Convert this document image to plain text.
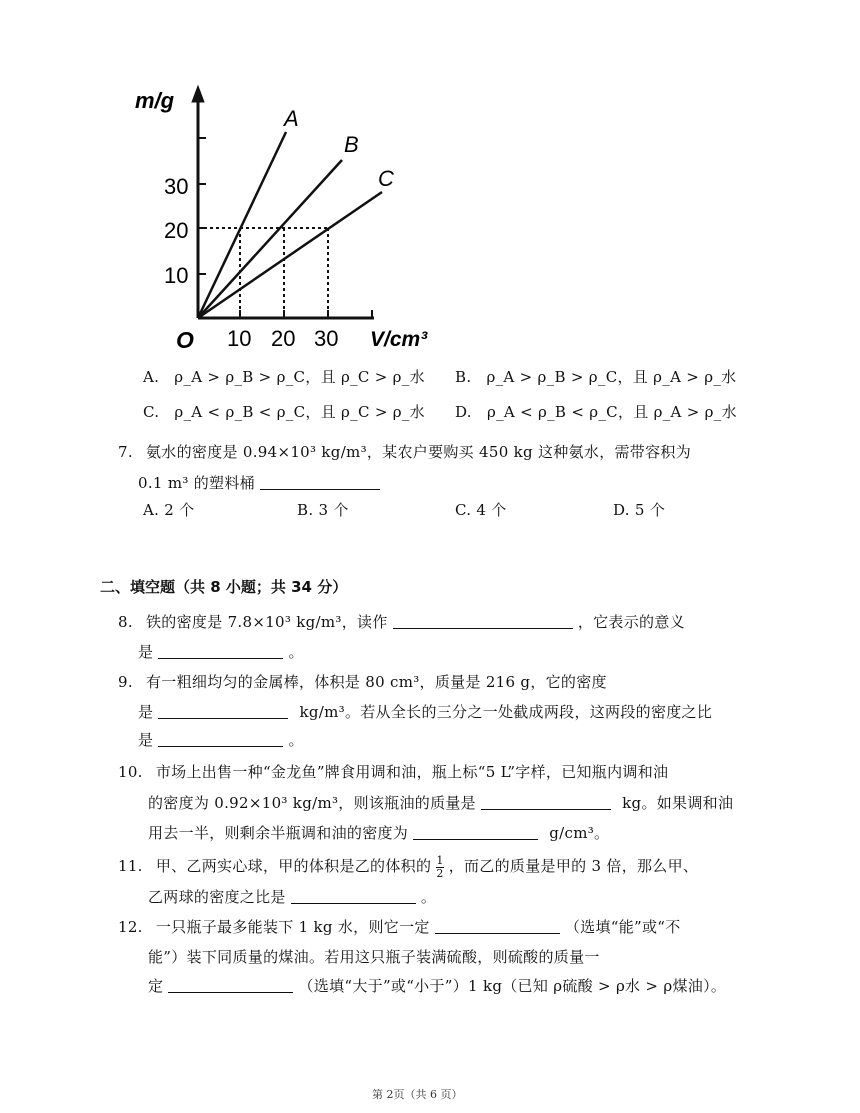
m/g
O
10
20
30
10 20 30 V/cm³
A
B
C
A. ρ_A > ρ_B > ρ_C，且 ρ_C > ρ_水 B. ρ_A > ρ_B > ρ_C，且 ρ_A > ρ_水
C. ρ_A < ρ_B < ρ_C，且 ρ_C > ρ_水 D. ρ_A < ρ_B < ρ_C，且 ρ_A > ρ_水
7. 氨水的密度是 0.94×10³ kg/m³，某农户要购买 450 kg 这种氨水，需带容积为
0.1 m³ 的塑料桶
A. 2 个	B. 3 个	C. 4 个	D. 5 个
二、填空题（共 8 小题；共 34 分）
8. 铁的密度是 7.8×10³ kg/m³，读作	，它表示的意义
是	。
9. 有一粗细均匀的金属棒，体积是 80 cm³，质量是 216 g，它的密度
是	kg/m³。若从全长的三分之一处截成两段，这两段的密度之比
是	。
10. 市场上出售一种“金龙鱼”牌食用调和油，瓶上标“5 L”字样，已知瓶内调和油
的密度为 0.92×10³ kg/m³，则该瓶油的质量是	kg。如果调和油
用去一半，则剩余半瓶调和油的密度为	g/cm³。
11. 甲、乙两实心球，甲的体积是乙的体积的 $\frac{1}{2}$ ，而乙的质量是甲的 3 倍，那么甲、
乙两球的密度之比是	。
12. 一只瓶子最多能装下 1 kg 水，则它一定	（选填“能”或“不
能”）装下同质量的煤油。若用这只瓶子装满硫酸，则硫酸的质量一
定	（选填“大于”或“小于”）1 kg（已知 ρ硫酸 > ρ水 > ρ煤油）。
第 2页（共 6 页）
